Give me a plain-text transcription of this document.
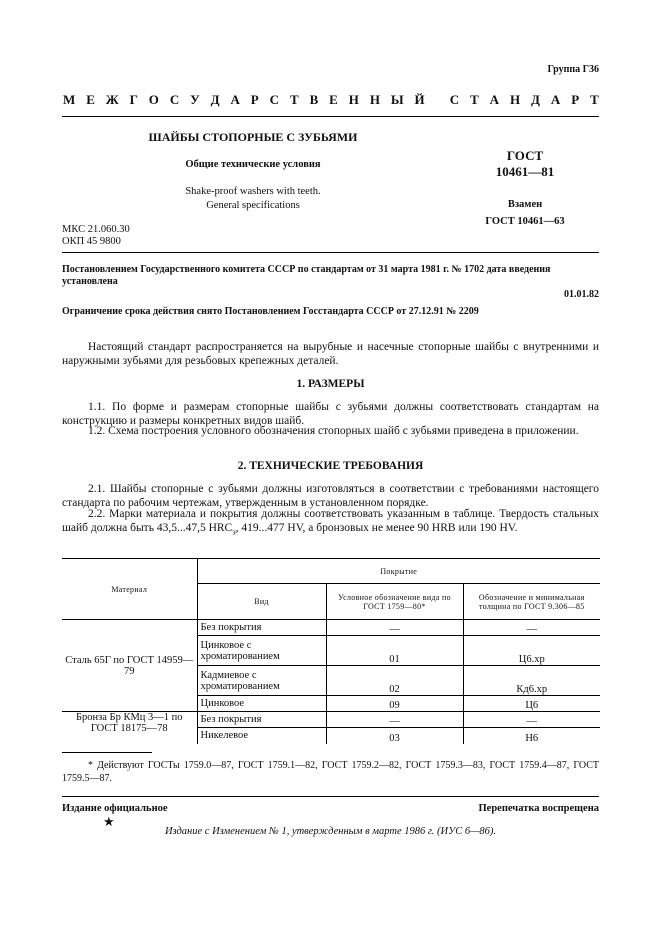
Группа Г36
М Е Ж Г О С У Д А Р С Т В Е Н Н Ы Й
С Т А Н Д А Р Т
ШАЙБЫ СТОПОРНЫЕ С ЗУБЬЯМИ
Общие технические условия
Shake-proof washers with teeth.
General specifications
ГОСТ
10461—81
Взамен
ГОСТ 10461—63
МКС 21.060.30
ОКП 45 9800
Постановлением Государственного комитета СССР по стандартам от 31 марта 1981 г. № 1702 дата введения установлена
01.01.82
Ограничение срока действия снято Постановлением Госстандарта СССР от 27.12.91 № 2209
Настоящий стандарт распространяется на вырубные и насечные стопорные шайбы с внутренними и наружными зубьями для резьбовых крепежных деталей.
1. РАЗМЕРЫ
1.1. По форме и размерам стопорные шайбы с зубьями должны соответствовать стандартам на конструкцию и размеры конкретных видов шайб.
1.2. Схема построения условного обозначения стопорных шайб с зубьями приведена в приложении.
2. ТЕХНИЧЕСКИЕ ТРЕБОВАНИЯ
2.1. Шайбы стопорные с зубьями должны изготовляться в соответствии с требованиями настоящего стандарта по рабочим чертежам, утвержденным в установленном порядке.
2.2. Марки материала и покрытия должны соответствовать указанным в таблице. Твердость стальных шайб должна быть 43,5...47,5 $HRC_э$, 419...477 HV, а бронзовых не менее 90 HRB или 190 HV.
Материал	Покрытие		
	Вид	Условное обозначение вида по ГОСТ 1759—80*	Обозначение и минимальная толщина по ГОСТ 9.306—85
Сталь 65Г по ГОСТ 14959—79	Без покрытия	—	—
	Цинковое с хроматированием	01	Ц6.хр
	Кадмиевое с хроматированием	02	Кд6.хр
	Цинковое	09	Ц6
Бронза Бр КМц 3—1 по ГОСТ 18175—78	Без покрытия	—	—
	Никелевое	03	Н6
* Действуют ГОСТы 1759.0—87, ГОСТ 1759.1—82, ГОСТ 1759.2—82, ГОСТ 1759.3—83, ГОСТ 1759.4—87, ГОСТ 1759.5—87.
Издание официальное	Перепечатка воспрещена
★
Издание с Изменением № 1, утвержденным в марте 1986 г. (ИУС 6—86).
